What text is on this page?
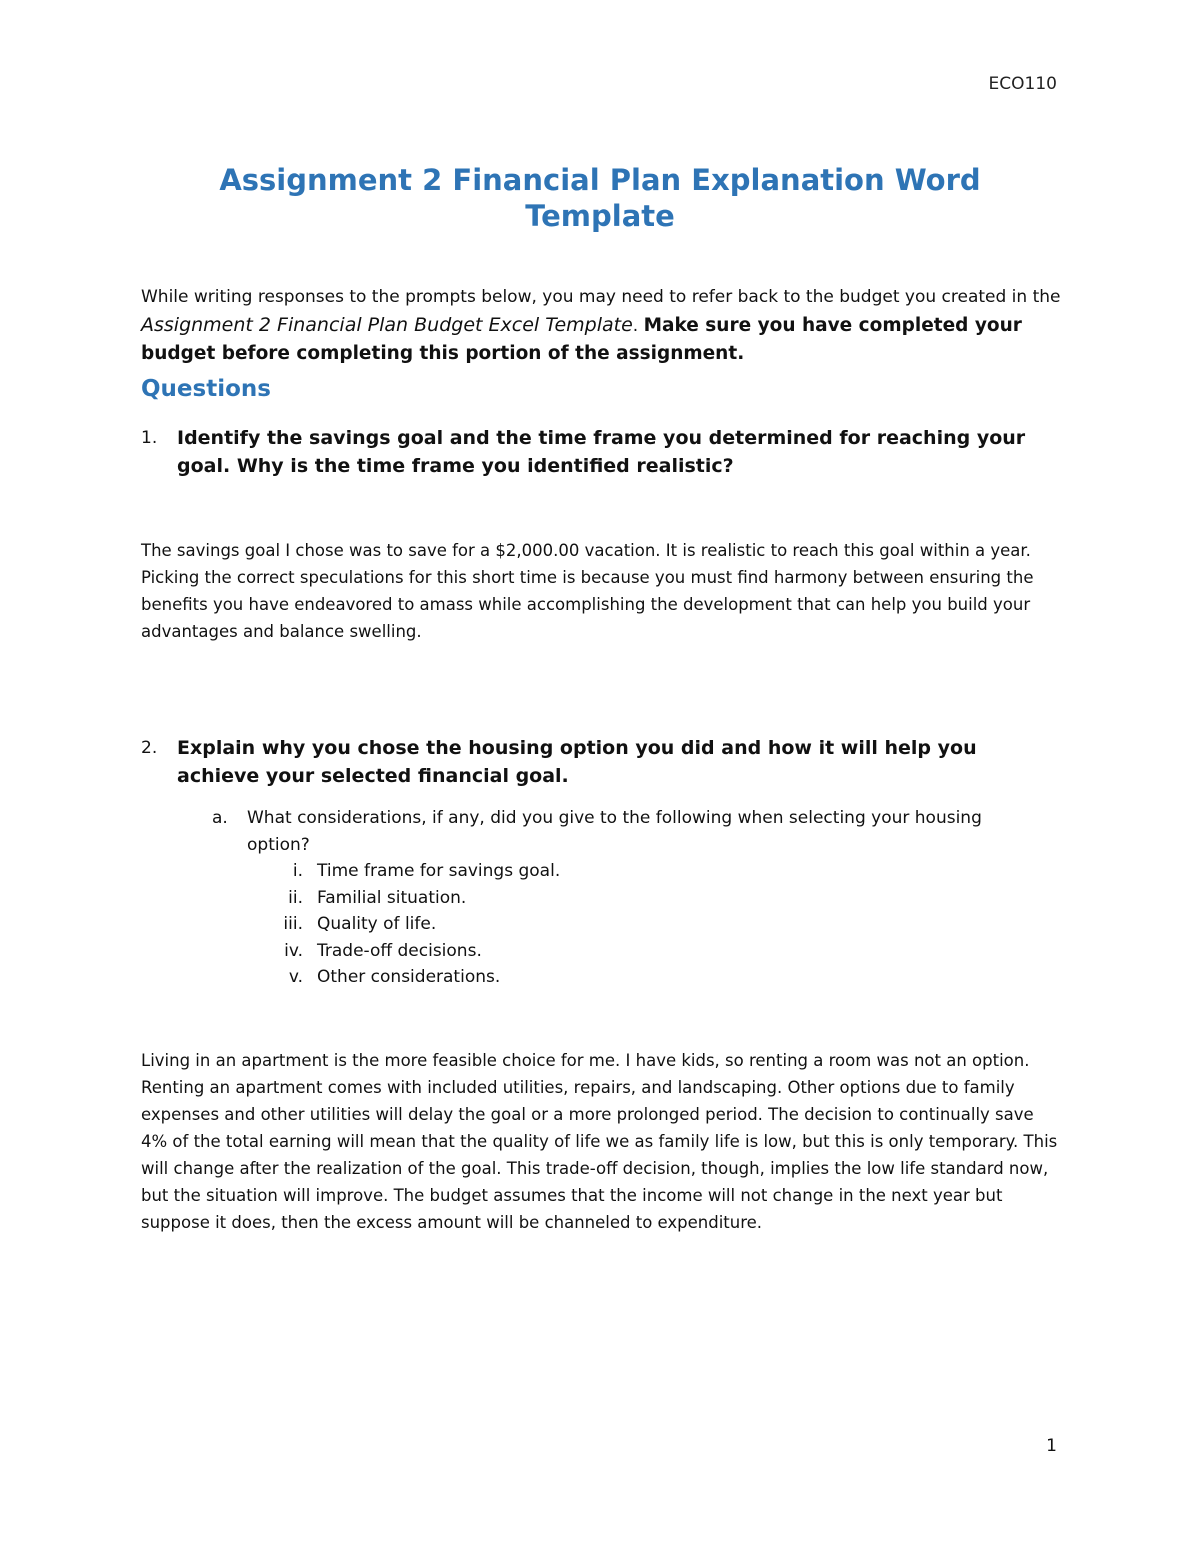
ECO110
Assignment 2 Financial Plan Explanation Word Template
While writing responses to the prompts below, you may need to refer back to the budget you created in the Assignment 2 Financial Plan Budget Excel Template. Make sure you have completed your budget before completing this portion of the assignment.
Questions
1. Identify the savings goal and the time frame you determined for reaching your goal. Why is the time frame you identified realistic?
The savings goal I chose was to save for a $2,000.00 vacation. It is realistic to reach this goal within a year. Picking the correct speculations for this short time is because you must find harmony between ensuring the benefits you have endeavored to amass while accomplishing the development that can help you build your advantages and balance swelling.
2. Explain why you chose the housing option you did and how it will help you achieve your selected financial goal.
a. What considerations, if any, did you give to the following when selecting your housing option?
i. Time frame for savings goal.
ii. Familial situation.
iii. Quality of life.
iv. Trade-off decisions.
v. Other considerations.
Living in an apartment is the more feasible choice for me. I have kids, so renting a room was not an option. Renting an apartment comes with included utilities, repairs, and landscaping. Other options due to family expenses and other utilities will delay the goal or a more prolonged period. The decision to continually save 4% of the total earning will mean that the quality of life we as family life is low, but this is only temporary. This will change after the realization of the goal. This trade-off decision, though, implies the low life standard now, but the situation will improve. The budget assumes that the income will not change in the next year but suppose it does, then the excess amount will be channeled to expenditure.
1
